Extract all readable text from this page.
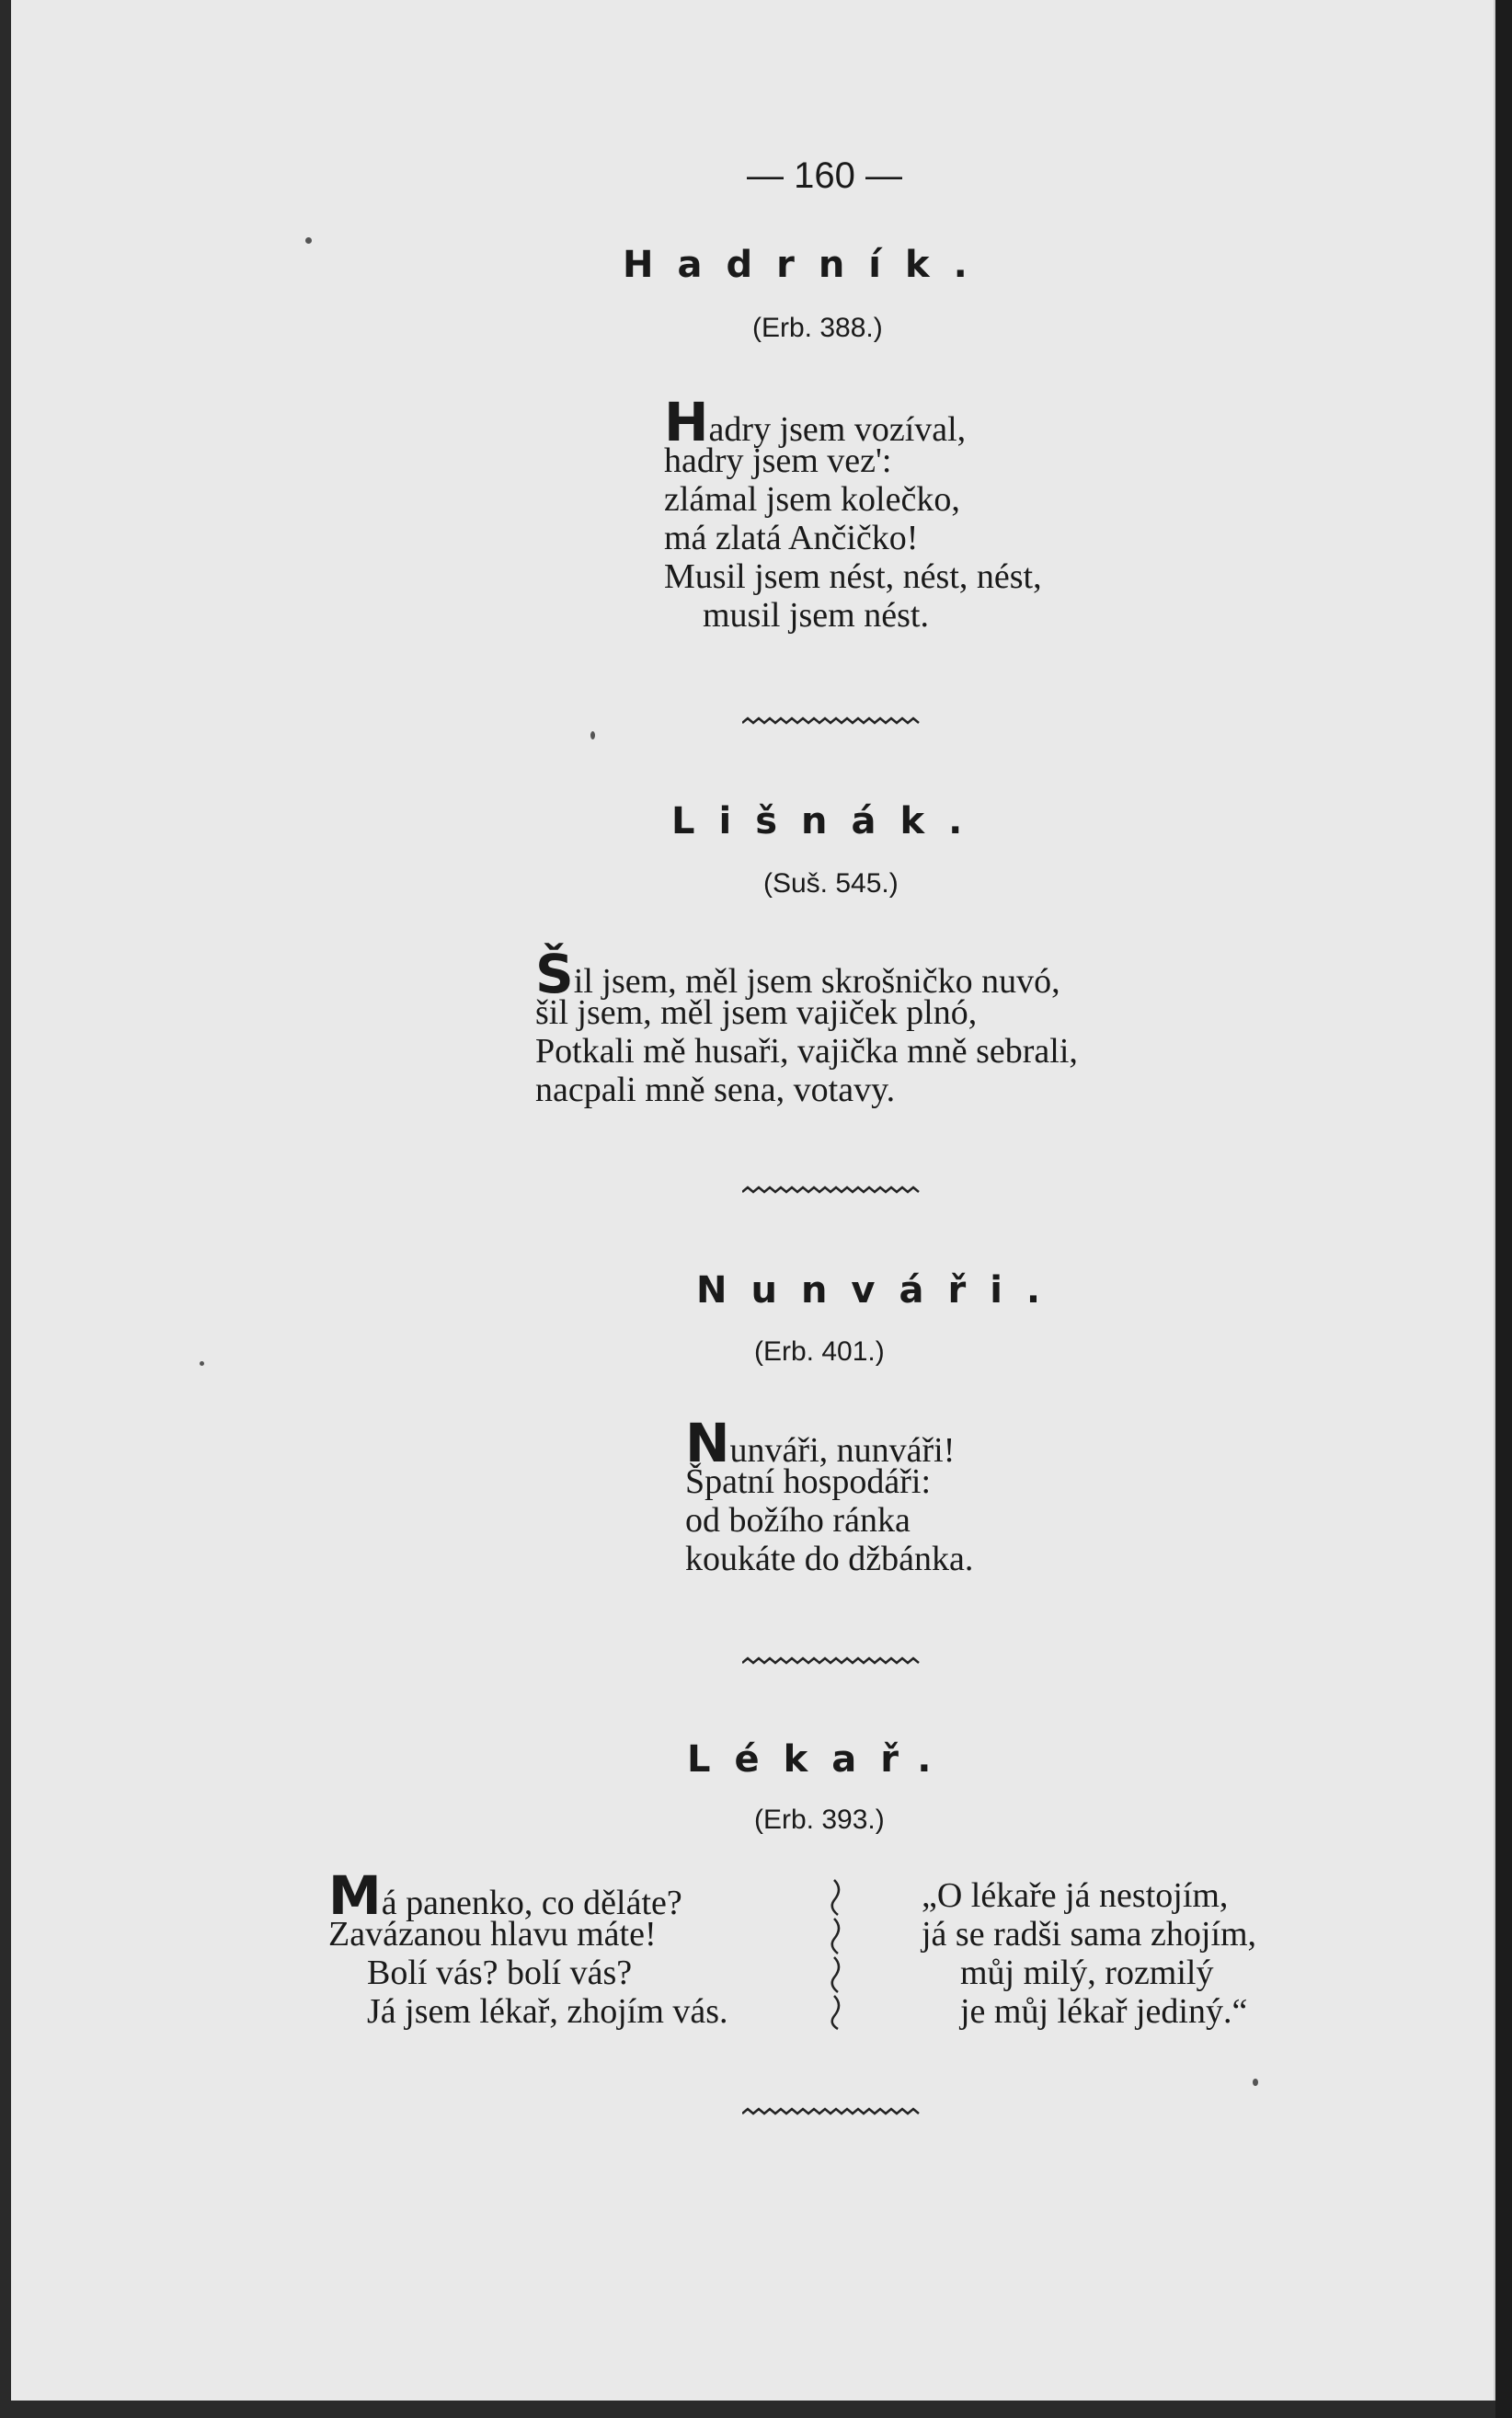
— 160 —
Hadrník.
(Erb. 388.)
Hadry jsem vozíval,
hadry jsem vez':
zlámal jsem kolečko,
má zlatá Ančičko!
Musil jsem nést, nést, nést,
musil jsem nést.
Lišnák.
(Suš. 545.)
Šil jsem, měl jsem skrošničko nuvó,
šil jsem, měl jsem vajiček plnó,
Potkali mě husaři, vajička mně sebrali,
nacpali mně sena, votavy.
Nunváři.
(Erb. 401.)
Nunváři, nunváři!
Špatní hospodáři:
od božího ránka
koukáte do džbánka.
Lékař.
(Erb. 393.)
Má panenko, co děláte?
Zavázanou hlavu máte!
Bolí vás? bolí vás?
Já jsem lékař, zhojím vás.
„O lékaře já nestojím,
já se radši sama zhojím,
můj milý, rozmilý
je můj lékař jediný.“
